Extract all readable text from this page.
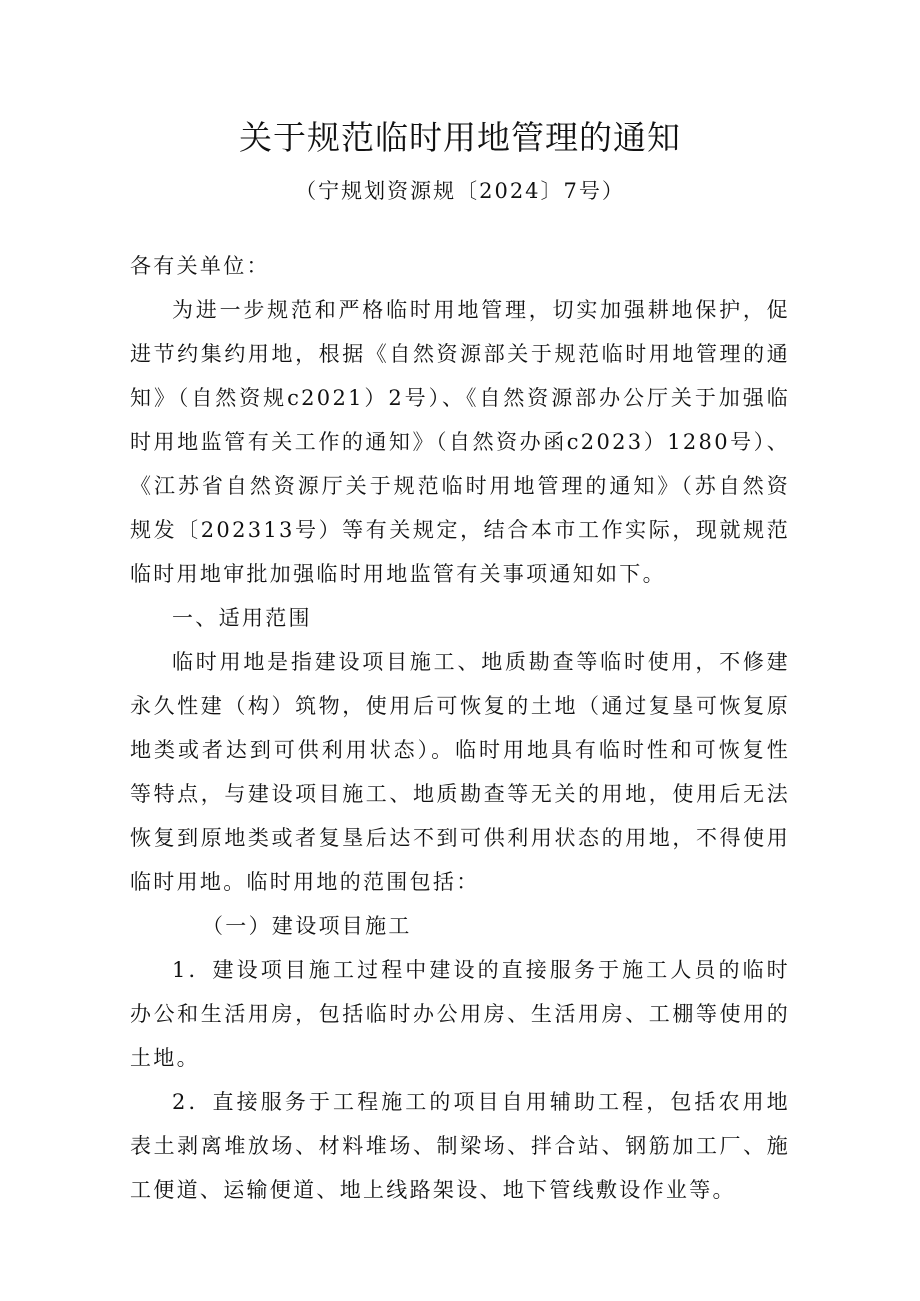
关于规范临时用地管理的通知
（宁规划资源规〔2024〕7号）

各有关单位：

为进一步规范和严格临时用地管理，切实加强耕地保护，促进节约集约用地，根据《自然资源部关于规范临时用地管理的通知》（自然资规c2021）2号）、《自然资源部办公厅关于加强临时用地监管有关工作的通知》（自然资办函c2023）1280号）、《江苏省自然资源厅关于规范临时用地管理的通知》（苏自然资规发〔202313号）等有关规定，结合本市工作实际，现就规范临时用地审批加强临时用地监管有关事项通知如下。

一、适用范围

临时用地是指建设项目施工、地质勘查等临时使用，不修建永久性建（构）筑物，使用后可恢复的土地（通过复垦可恢复原地类或者达到可供利用状态）。临时用地具有临时性和可恢复性等特点，与建设项目施工、地质勘查等无关的用地，使用后无法恢复到原地类或者复垦后达不到可供利用状态的用地，不得使用临时用地。临时用地的范围包括：

（一）建设项目施工

1．建设项目施工过程中建设的直接服务于施工人员的临时办公和生活用房，包括临时办公用房、生活用房、工棚等使用的土地。

2．直接服务于工程施工的项目自用辅助工程，包括农用地表土剥离堆放场、材料堆场、制梁场、拌合站、钢筋加工厂、施工便道、运输便道、地上线路架设、地下管线敷设作业等。
